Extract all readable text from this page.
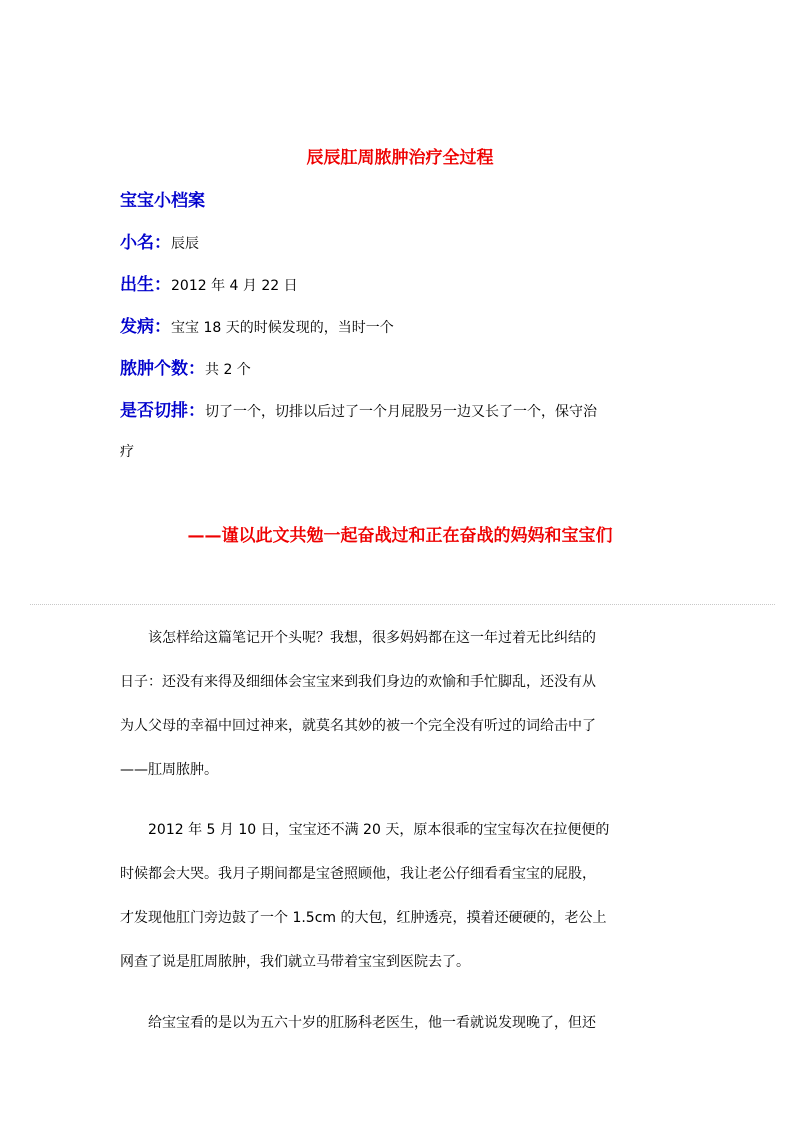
辰辰肛周脓肿治疗全过程
宝宝小档案
小名：辰辰
出生：2012 年 4 月 22 日
发病：宝宝 18 天的时候发现的，当时一个
脓肿个数：共 2 个
是否切排：切了一个，切排以后过了一个月屁股另一边又长了一个，保守治
疗
——谨以此文共勉一起奋战过和正在奋战的妈妈和宝宝们
该怎样给这篇笔记开个头呢？我想，很多妈妈都在这一年过着无比纠结的
日子：还没有来得及细细体会宝宝来到我们身边的欢愉和手忙脚乱，还没有从
为人父母的幸福中回过神来，就莫名其妙的被一个完全没有听过的词给击中了
——肛周脓肿。
2012 年 5 月 10 日，宝宝还不满 20 天，原本很乖的宝宝每次在拉便便的
时候都会大哭。我月子期间都是宝爸照顾他，我让老公仔细看看宝宝的屁股，
才发现他肛门旁边鼓了一个 1.5cm 的大包，红肿透亮，摸着还硬硬的，老公上
网查了说是肛周脓肿，我们就立马带着宝宝到医院去了。
给宝宝看的是以为五六十岁的肛肠科老医生，他一看就说发现晚了，但还
